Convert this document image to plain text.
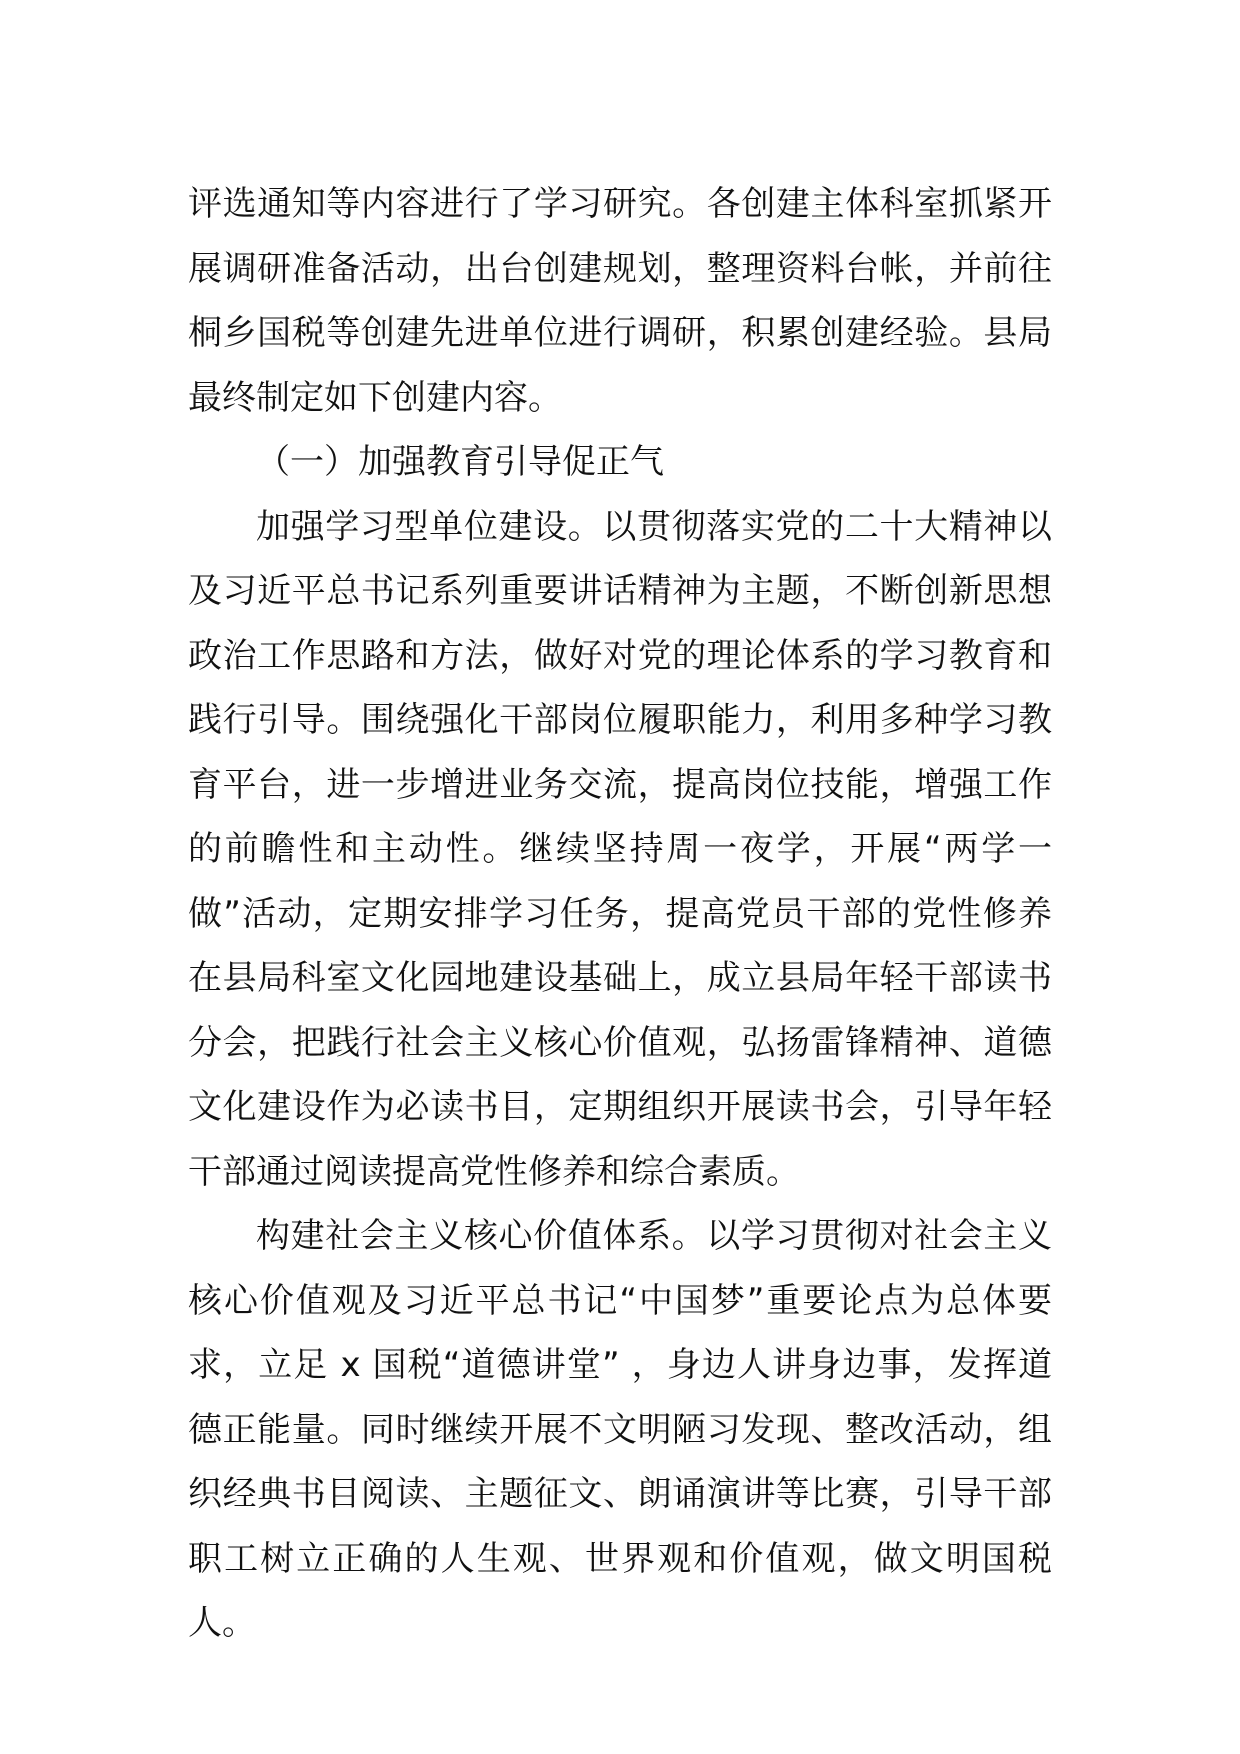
评选通知等内容进行了学习研究。各创建主体科室抓紧开展调研准备活动，出台创建规划，整理资料台帐，并前往桐乡国税等创建先进单位进行调研，积累创建经验。县局最终制定如下创建内容。

（一）加强教育引导促正气

加强学习型单位建设。以贯彻落实党的二十大精神以及习近平总书记系列重要讲话精神为主题，不断创新思想政治工作思路和方法，做好对党的理论体系的学习教育和践行引导。围绕强化干部岗位履职能力，利用多种学习教育平台，进一步增进业务交流，提高岗位技能，增强工作的前瞻性和主动性。继续坚持周一夜学，开展“两学一做”活动，定期安排学习任务，提高党员干部的党性修养在县局科室文化园地建设基础上，成立县局年轻干部读书分会，把践行社会主义核心价值观，弘扬雷锋精神、道德文化建设作为必读书目，定期组织开展读书会，引导年轻干部通过阅读提高党性修养和综合素质。

构建社会主义核心价值体系。以学习贯彻对社会主义核心价值观及习近平总书记“中国梦”重要论点为总体要求，立足 x 国税“道德讲堂” ，身边人讲身边事，发挥道德正能量。同时继续开展不文明陋习发现、整改活动，组织经典书目阅读、主题征文、朗诵演讲等比赛，引导干部职工树立正确的人生观、世界观和价值观，做文明国税人。
